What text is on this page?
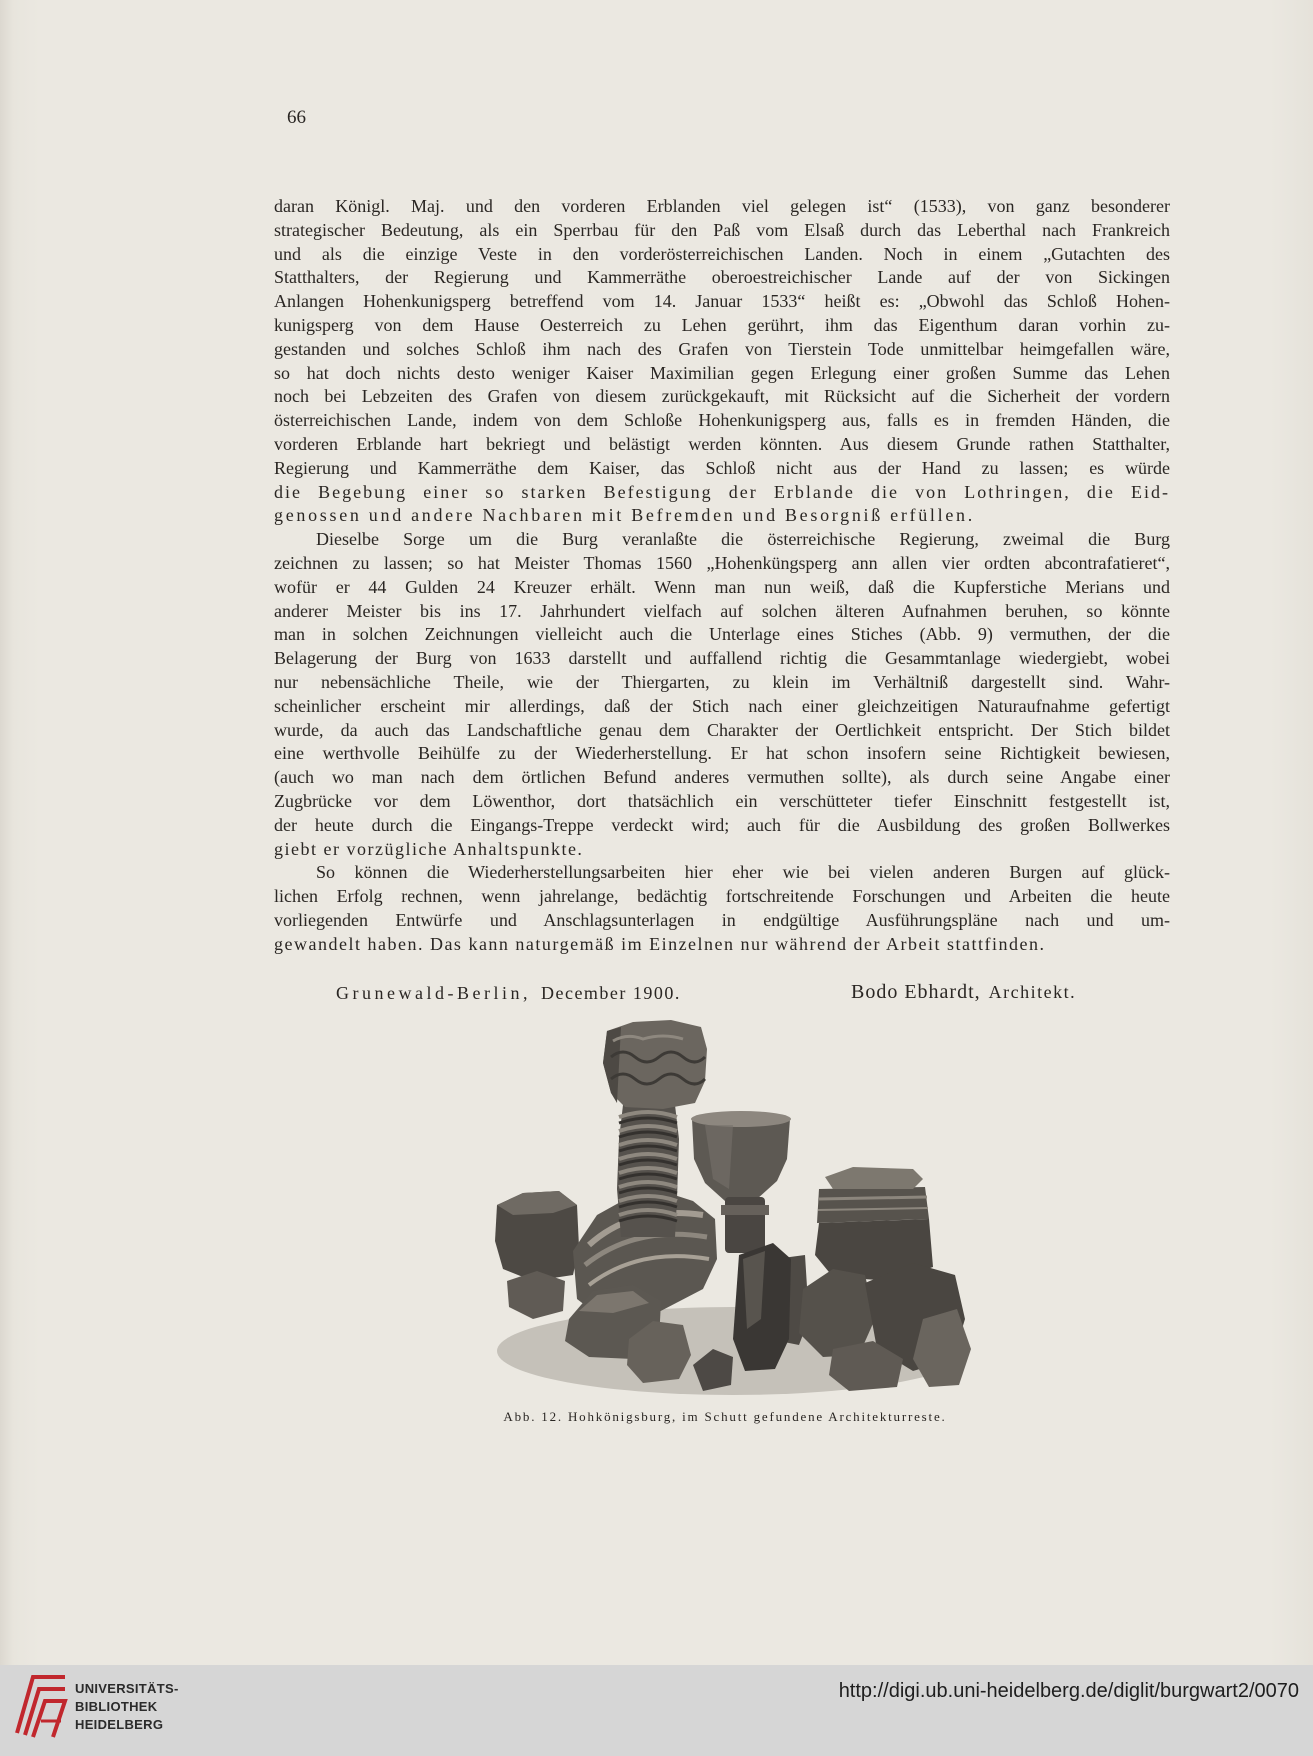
66
daran Königl. Maj. und den vorderen Erblanden viel gelegen ist“ (1533), von ganz besonderer
strategischer Bedeutung, als ein Sperrbau für den Paß vom Elsaß durch das Leberthal nach Frankreich
und als die einzige Veste in den vorderösterreichischen Landen. Noch in einem „Gutachten des
Statthalters, der Regierung und Kammerräthe oberoestreichischer Lande auf der von Sickingen
Anlangen Hohenkunigsperg betreffend vom 14. Januar 1533“ heißt es: „Obwohl das Schloß Hohen-
kunigsperg von dem Hause Oesterreich zu Lehen gerührt, ihm das Eigenthum daran vorhin zu-
gestanden und solches Schloß ihm nach des Grafen von Tierstein Tode unmittelbar heimgefallen wäre,
so hat doch nichts desto weniger Kaiser Maximilian gegen Erlegung einer großen Summe das Lehen
noch bei Lebzeiten des Grafen von diesem zurückgekauft, mit Rücksicht auf die Sicherheit der vordern
österreichischen Lande, indem von dem Schloße Hohenkunigsperg aus, falls es in fremden Händen, die
vorderen Erblande hart bekriegt und belästigt werden könnten. Aus diesem Grunde rathen Statthalter,
Regierung und Kammerräthe dem Kaiser, das Schloß nicht aus der Hand zu lassen; es würde
die Begebung einer so starken Befestigung der Erblande die von Lothringen, die Eid-
genossen und andere Nachbaren mit Befremden und Besorgniß erfüllen.
Dieselbe Sorge um die Burg veranlaßte die österreichische Regierung, zweimal die Burg
zeichnen zu lassen; so hat Meister Thomas 1560 „Hohenküngsperg ann allen vier ordten abcontrafatieret“,
wofür er 44 Gulden 24 Kreuzer erhält. Wenn man nun weiß, daß die Kupferstiche Merians und
anderer Meister bis ins 17. Jahrhundert vielfach auf solchen älteren Aufnahmen beruhen, so könnte
man in solchen Zeichnungen vielleicht auch die Unterlage eines Stiches (Abb. 9) vermuthen, der die
Belagerung der Burg von 1633 darstellt und auffallend richtig die Gesammtanlage wiedergiebt, wobei
nur nebensächliche Theile, wie der Thiergarten, zu klein im Verhältniß dargestellt sind. Wahr-
scheinlicher erscheint mir allerdings, daß der Stich nach einer gleichzeitigen Naturaufnahme gefertigt
wurde, da auch das Landschaftliche genau dem Charakter der Oertlichkeit entspricht. Der Stich bildet
eine werthvolle Beihülfe zu der Wiederherstellung. Er hat schon insofern seine Richtigkeit bewiesen,
(auch wo man nach dem örtlichen Befund anderes vermuthen sollte), als durch seine Angabe einer
Zugbrücke vor dem Löwenthor, dort thatsächlich ein verschütteter tiefer Einschnitt festgestellt ist,
der heute durch die Eingangs-Treppe verdeckt wird; auch für die Ausbildung des großen Bollwerkes
giebt er vorzügliche Anhaltspunkte.
So können die Wiederherstellungsarbeiten hier eher wie bei vielen anderen Burgen auf glück-
lichen Erfolg rechnen, wenn jahrelange, bedächtig fortschreitende Forschungen und Arbeiten die heute
vorliegenden Entwürfe und Anschlagsunterlagen in endgültige Ausführungspläne nach und um-
gewandelt haben. Das kann naturgemäß im Einzelnen nur während der Arbeit stattfinden.
Grunewald-Berlin, December 1900.	Bodo Ebhardt, Architekt.
Abb. 12. Hohkönigsburg, im Schutt gefundene Architekturreste.
UNIVERSITÄTS-
BIBLIOTHEK
HEIDELBERG
http://digi.ub.uni-heidelberg.de/diglit/burgwart2/0070
